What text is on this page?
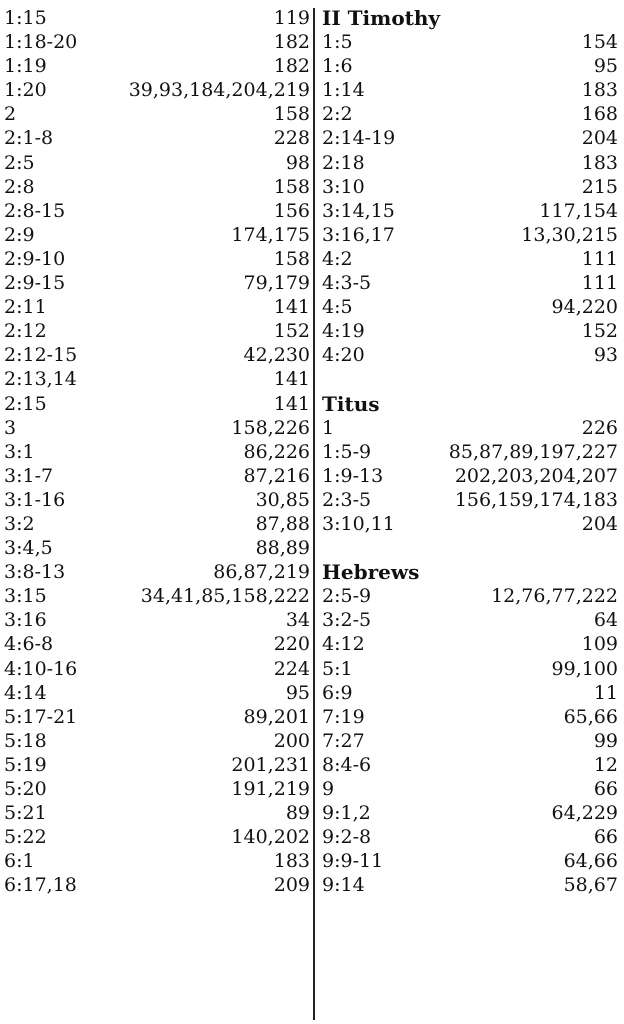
1:15	119
1:18-20	182
1:19	182
1:20	39,93,184,204,219
2	158
2:1-8	228
2:5	98
2:8	158
2:8-15	156
2:9	174,175
2:9-10	158
2:9-15	79,179
2:11	141
2:12	152
2:12-15	42,230
2:13,14	141
2:15	141
3	158,226
3:1	86,226
3:1-7	87,216
3:1-16	30,85
3:2	87,88
3:4,5	88,89
3:8-13	86,87,219
3:15	34,41,85,158,222
3:16	34
4:6-8	220
4:10-16	224
4:14	95
5:17-21	89,201
5:18	200
5:19	201,231
5:20	191,219
5:21	89
5:22	140,202
6:1	183
6:17,18	209
II Timothy
1:5	154
1:6	95
1:14	183
2:2	168
2:14-19	204
2:18	183
3:10	215
3:14,15	117,154
3:16,17	13,30,215
4:2	111
4:3-5	111
4:5	94,220
4:19	152
4:20	93
Titus
1	226
1:5-9	85,87,89,197,227
1:9-13	202,203,204,207
2:3-5	156,159,174,183
3:10,11	204
Hebrews
2:5-9	12,76,77,222
3:2-5	64
4:12	109
5:1	99,100
6:9	11
7:19	65,66
7:27	99
8:4-6	12
9	66
9:1,2	64,229
9:2-8	66
9:9-11	64,66
9:14	58,67
